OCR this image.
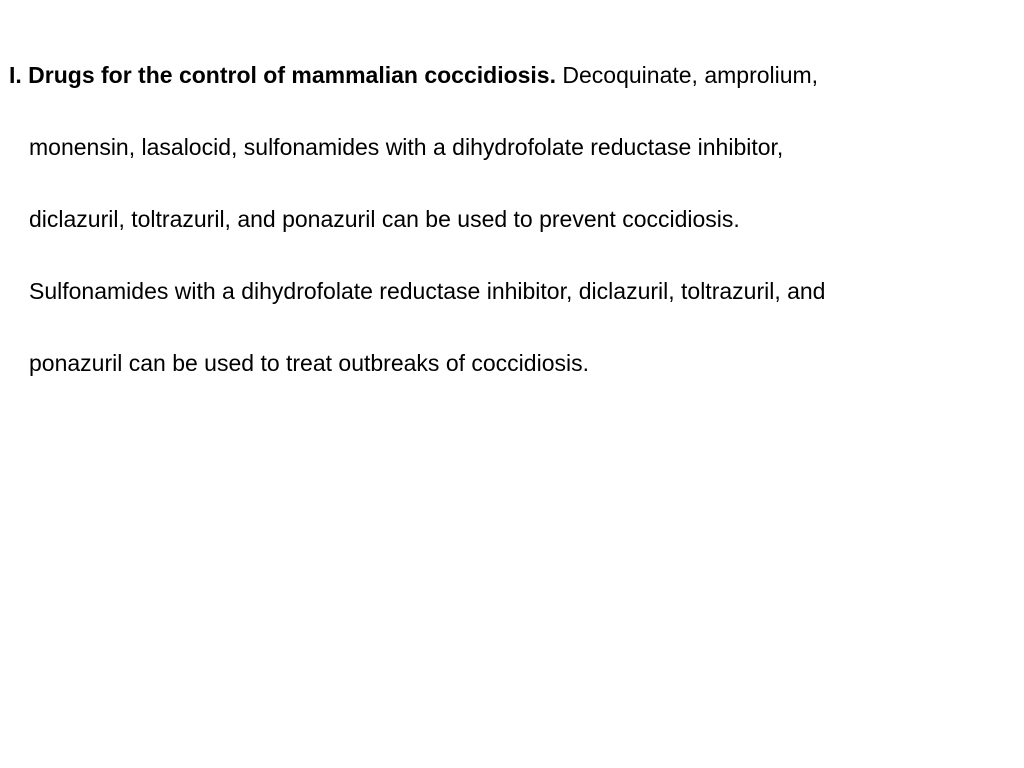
I. Drugs for the control of mammalian coccidiosis. Decoquinate, amprolium,
monensin, lasalocid, sulfonamides with a dihydrofolate reductase inhibitor,
diclazuril, toltrazuril, and ponazuril can be used to prevent coccidiosis.
Sulfonamides with a dihydrofolate reductase inhibitor, diclazuril, toltrazuril, and
ponazuril can be used to treat outbreaks of coccidiosis.
